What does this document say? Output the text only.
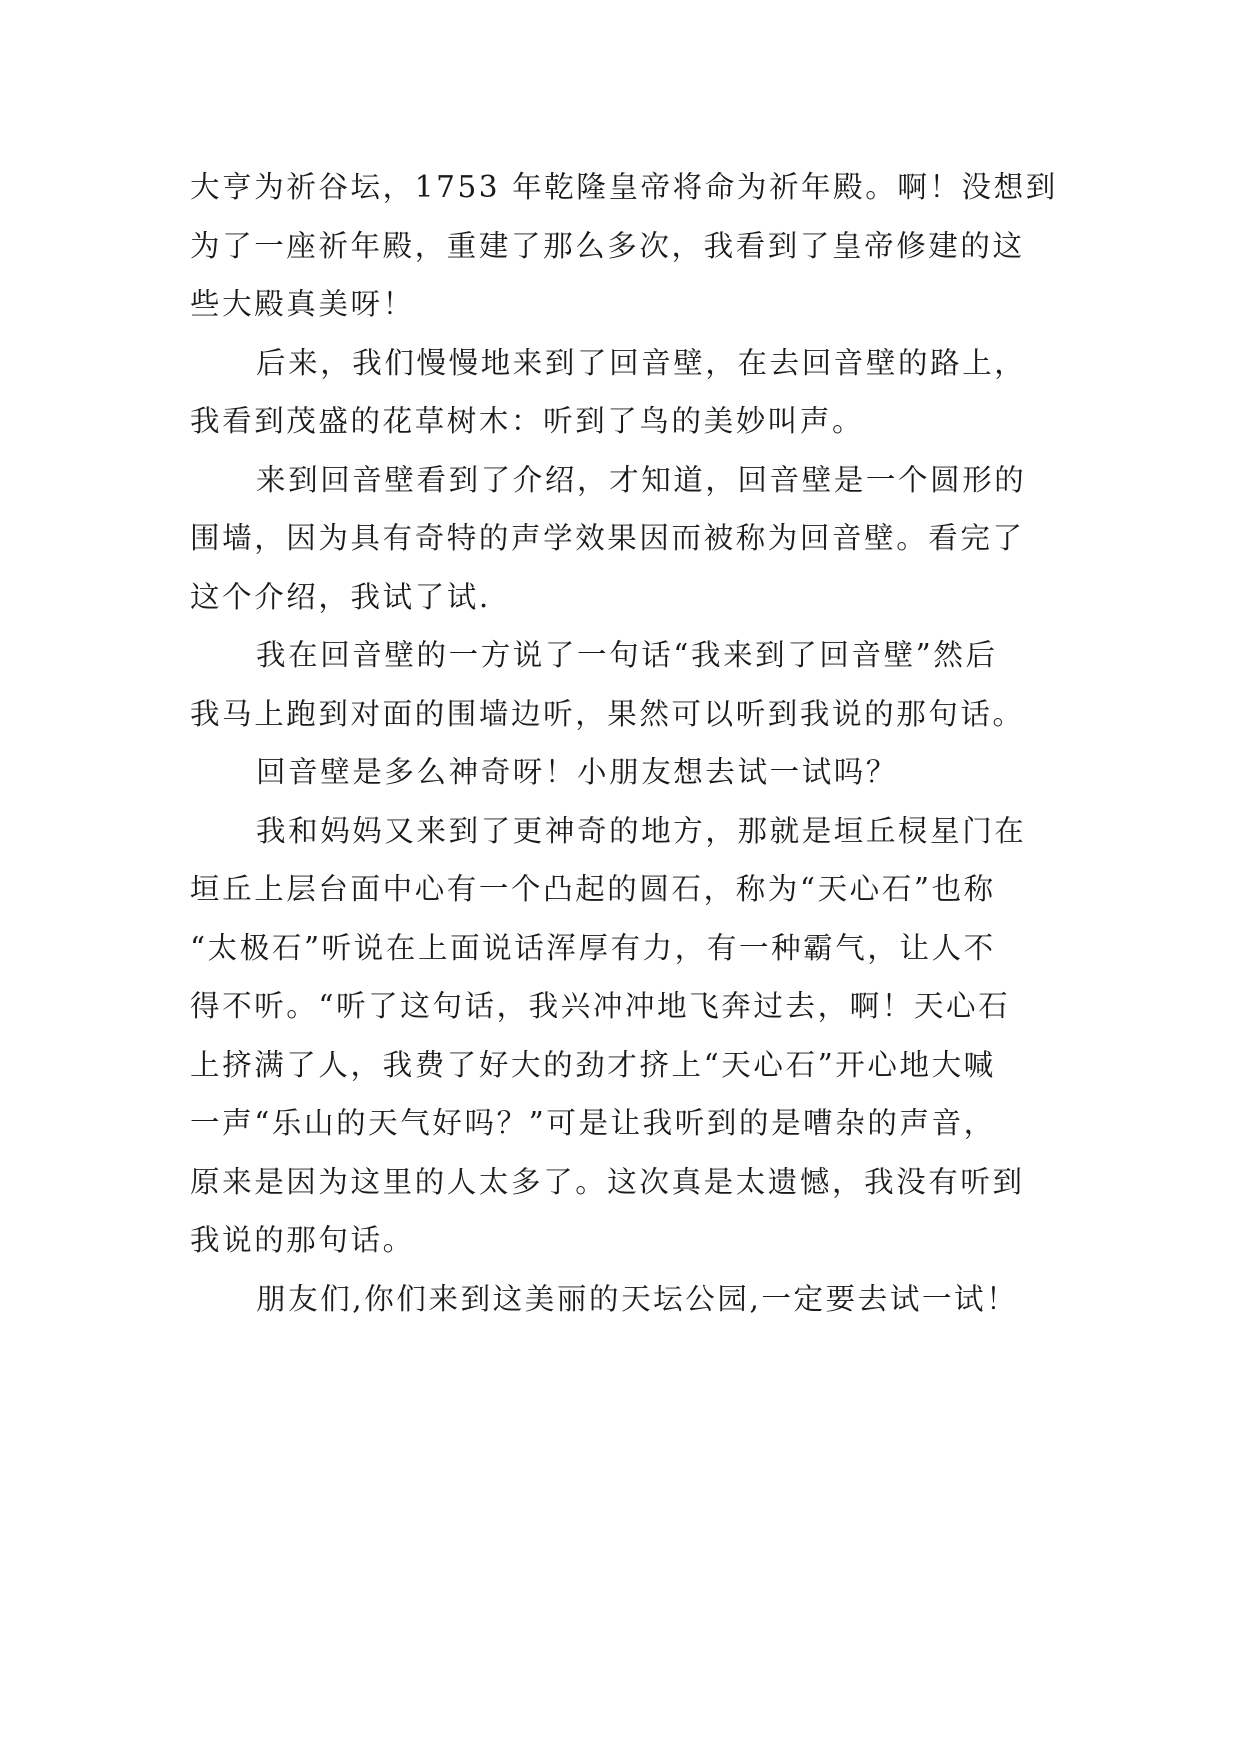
大亨为祈谷坛，1753 年乾隆皇帝将命为祈年殿。啊！没想到
为了一座祈年殿，重建了那么多次，我看到了皇帝修建的这
些大殿真美呀！
后来，我们慢慢地来到了回音壁，在去回音壁的路上，
我看到茂盛的花草树木：听到了鸟的美妙叫声。
来到回音壁看到了介绍，才知道，回音壁是一个圆形的
围墙，因为具有奇特的声学效果因而被称为回音壁。看完了
这个介绍，我试了试.
我在回音壁的一方说了一句话“我来到了回音壁”然后
我马上跑到对面的围墙边听，果然可以听到我说的那句话。
回音壁是多么神奇呀！小朋友想去试一试吗？
我和妈妈又来到了更神奇的地方，那就是垣丘棂星门在
垣丘上层台面中心有一个凸起的圆石，称为“天心石”也称
“太极石”听说在上面说话浑厚有力，有一种霸气，让人不
得不听。“听了这句话，我兴冲冲地飞奔过去，啊！天心石
上挤满了人，我费了好大的劲才挤上“天心石”开心地大喊
一声“乐山的天气好吗？”可是让我听到的是嘈杂的声音，
原来是因为这里的人太多了。这次真是太遗憾，我没有听到
我说的那句话。
朋友们,你们来到这美丽的天坛公园,一定要去试一试！
